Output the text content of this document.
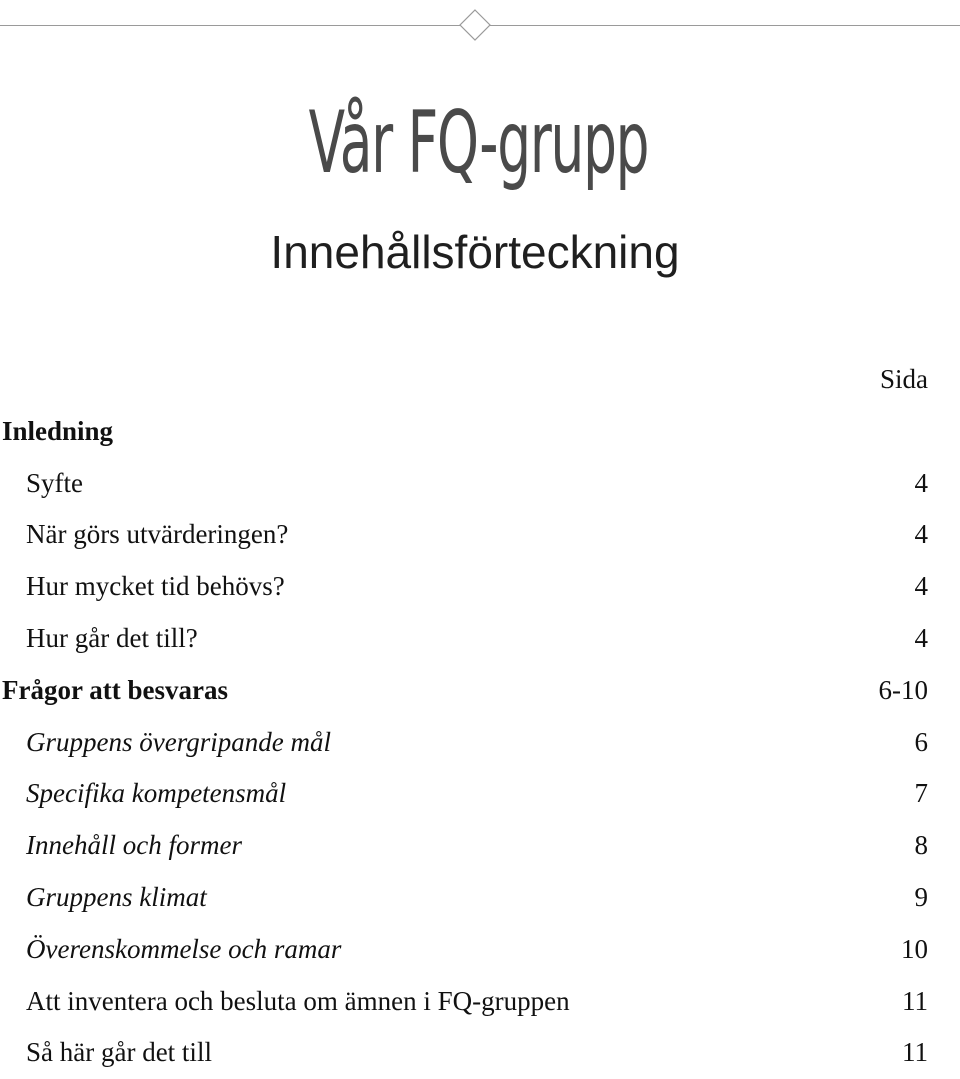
Vår FQ-grupp
Innehållsförteckning
Sida
Inledning
Syfte	4
När görs utvärderingen?	4
Hur mycket tid behövs?	4
Hur går det till?	4
Frågor att besvaras	6-10
Gruppens övergripande mål	6
Specifika kompetensmål	7
Innehåll och former	8
Gruppens klimat	9
Överenskommelse och ramar	10
Att inventera och besluta om ämnen i FQ-gruppen	11
Så här går det till	11
